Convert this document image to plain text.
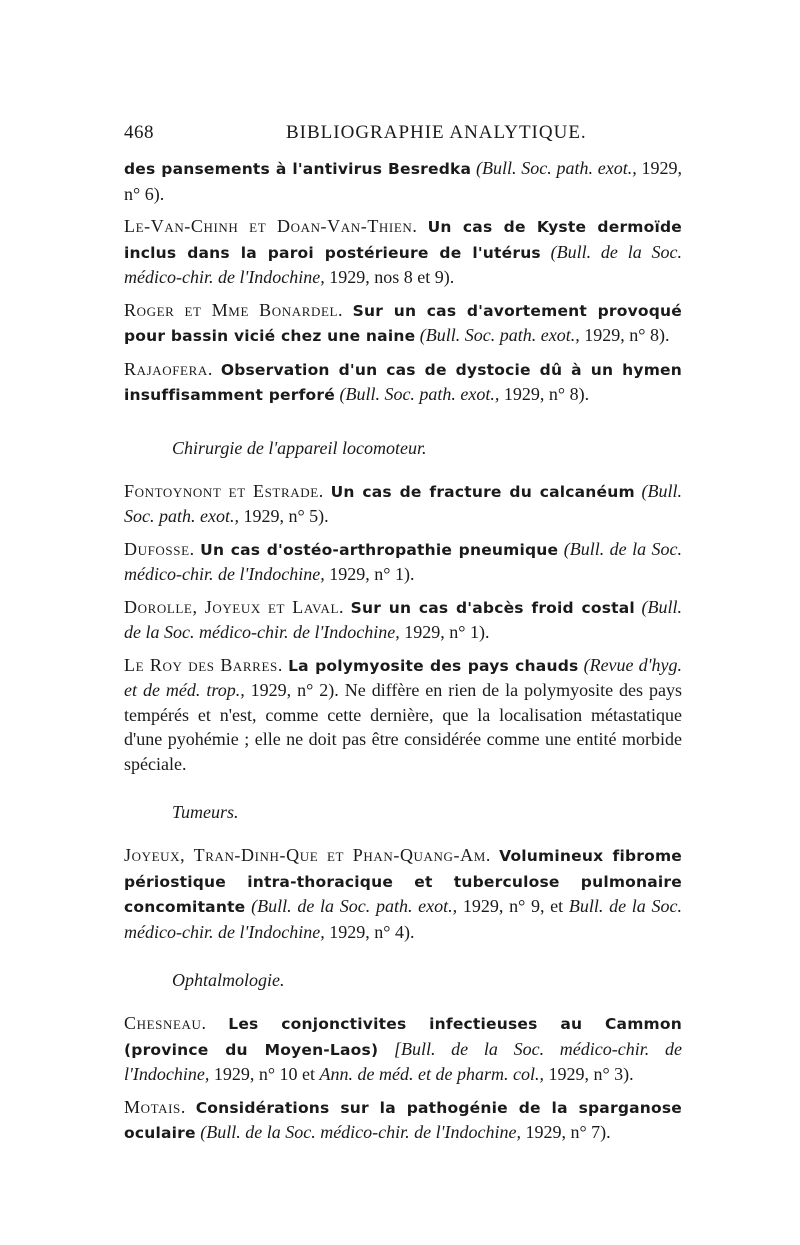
468	BIBLIOGRAPHIE ANALYTIQUE.

des pansements à l'antivirus Besredka (Bull. Soc. path. exot., 1929, n° 6).

Le-Van-Chinh et Doan-Van-Thien. Un cas de Kyste dermoïde inclus dans la paroi postérieure de l'utérus (Bull. de la Soc. médico-chir. de l'Indochine, 1929, nos 8 et 9).

Roger et Mme Bonardel. Sur un cas d'avortement provoqué pour bassin vicié chez une naine (Bull. Soc. path. exot., 1929, n° 8).

Rajaofera. Observation d'un cas de dystocie dû à un hymen insuffisamment perforé (Bull. Soc. path. exot., 1929, n° 8).

Chirurgie de l'appareil locomoteur.

Fontoynont et Estrade. Un cas de fracture du calcanéum (Bull. Soc. path. exot., 1929, n° 5).

Dufosse. Un cas d'ostéo-arthropathie pneumique (Bull. de la Soc. médico-chir. de l'Indochine, 1929, n° 1).

Dorolle, Joyeux et Laval. Sur un cas d'abcès froid costal (Bull. de la Soc. médico-chir. de l'Indochine, 1929, n° 1).

Le Roy des Barres. La polymyosite des pays chauds (Revue d'hyg. et de méd. trop., 1929, n° 2). Ne diffère en rien de la polymyosite des pays tempérés et n'est, comme cette dernière, que la localisation métastatique d'une pyohémie ; elle ne doit pas être considérée comme une entité morbide spéciale.

Tumeurs.

Joyeux, Tran-Dinh-Que et Phan-Quang-Am. Volumineux fibrome périostique intra-thoracique et tuberculose pulmonaire concomitante (Bull. de la Soc. path. exot., 1929, n° 9, et Bull. de la Soc. médico-chir. de l'Indochine, 1929, n° 4).

Ophtalmologie.

Chesneau. Les conjonctivites infectieuses au Cammon (province du Moyen-Laos) [Bull. de la Soc. médico-chir. de l'Indochine, 1929, n° 10 et Ann. de méd. et de pharm. col., 1929, n° 3).

Motais. Considérations sur la pathogénie de la sparganose oculaire (Bull. de la Soc. médico-chir. de l'Indochine, 1929, n° 7).
